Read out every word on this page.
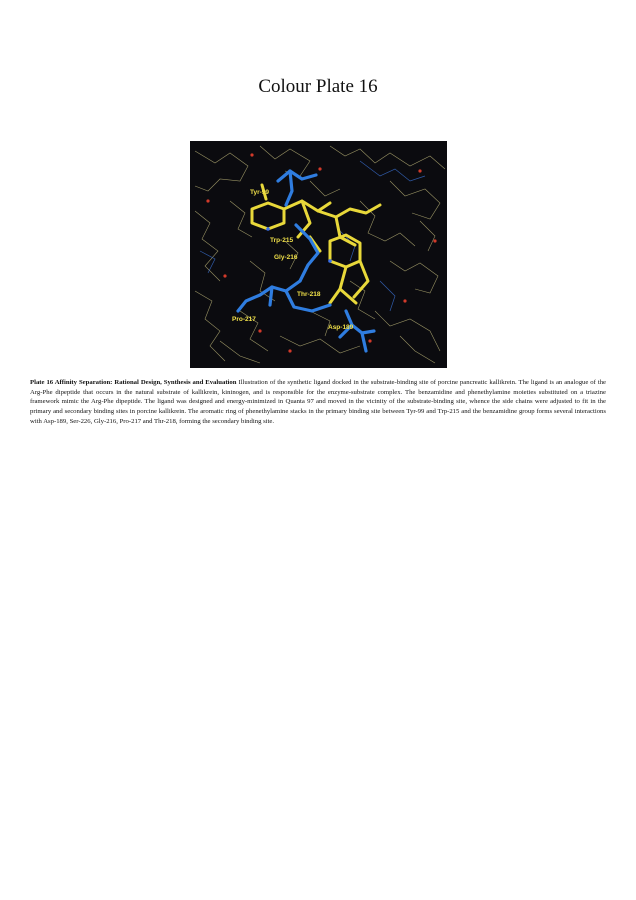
Colour Plate 16
Tyr-99
Trp-215
Gly-216
Thr-218
Pro-217
Asp-189
Plate 16 Affinity Separation: Rational Design, Synthesis and Evaluation Illustration of the synthetic ligand docked in the substrate-binding site of porcine pancreatic kallikrein. The ligand is an analogue of the Arg-Phe dipeptide that occurs in the natural substrate of kallikrein, kininogen, and is responsible for the enzyme-substrate complex. The benzamidine and phenethylamine moieties substituted on a triazine framework mimic the Arg-Phe dipeptide. The ligand was designed and energy-minimized in Quanta 97 and moved in the vicinity of the substrate-binding site, whence the side chains were adjusted to fit in the primary and secondary binding sites in porcine kallikrein. The aromatic ring of phenethylamine stacks in the primary binding site between Tyr-99 and Trp-215 and the benzamidine group forms several interactions with Asp-189, Ser-226, Gly-216, Pro-217 and Thr-218, forming the secondary binding site.
